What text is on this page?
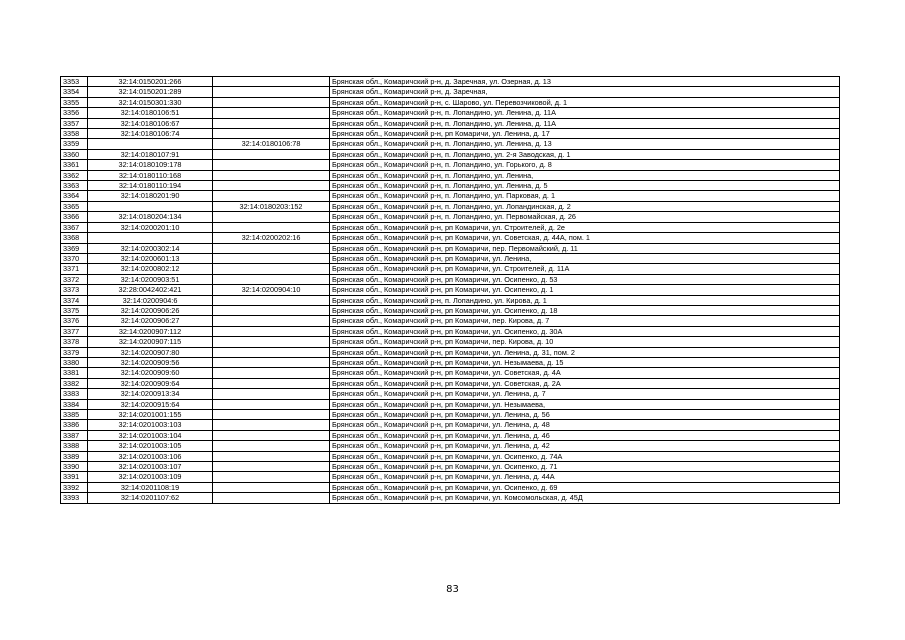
3353	32:14:0150201:266		Брянская обл., Комаричский р-н, д. Заречная, ул. Озерная, д. 13
3354	32:14:0150201:289		Брянская обл., Комаричский р-н, д. Заречная,
3355	32:14:0150301:330		Брянская обл., Комаричский р-н, с. Шарово, ул. Перевозчиковой, д. 1
3356	32:14:0180106:51		Брянская обл., Комаричский р-н, п. Лопандино, ул. Ленина, д. 11А
3357	32:14:0180106:67		Брянская обл., Комаричский р-н, п. Лопандино, ул. Ленина, д. 11А
3358	32:14:0180106:74		Брянская обл., Комаричский р-н, рп Комаричи, ул. Ленина, д. 17
3359		32:14:0180106:78	Брянская обл., Комаричский р-н, п. Лопандино, ул. Ленина, д. 13
3360	32:14:0180107:91		Брянская обл., Комаричский р-н, п. Лопандино, ул. 2-я Заводская, д. 1
3361	32:14:0180109:178		Брянская обл., Комаричский р-н, п. Лопандино, ул. Горького, д. 8
3362	32:14:0180110:168		Брянская обл., Комаричский р-н, п. Лопандино, ул. Ленина,
3363	32:14:0180110:194		Брянская обл., Комаричский р-н, п. Лопандино, ул. Ленина, д. 5
3364	32:14:0180201:90		Брянская обл., Комаричский р-н, п. Лопандино, ул. Парковая, д. 1
3365		32:14:0180203:152	Брянская обл., Комаричский р-н, п. Лопандино, ул. Лопандинская, д. 2
3366	32:14:0180204:134		Брянская обл., Комаричский р-н, п. Лопандино, ул. Первомайская, д. 26
3367	32:14:0200201:10		Брянская обл., Комаричский р-н, рп Комаричи, ул. Строителей, д. 2е
3368		32:14:0200202:16	Брянская обл., Комаричский р-н, рп Комаричи, ул. Советская, д. 44А, пом. 1
3369	32:14:0200302:14		Брянская обл., Комаричский р-н, рп Комаричи, пер. Первомайский, д. 11
3370	32:14:0200601:13		Брянская обл., Комаричский р-н, рп Комаричи, ул. Ленина,
3371	32:14:0200802:12		Брянская обл., Комаричский р-н, рп Комаричи, ул. Строителей, д. 11А
3372	32:14:0200903:51		Брянская обл., Комаричский р-н, рп Комаричи, ул. Осипенко, д. 53
3373	32:28:0042402:421	32:14:0200904:10	Брянская обл., Комаричский р-н, рп Комаричи, ул. Осипенко, д. 1
3374	32:14:0200904:6		Брянская обл., Комаричский р-н, п. Лопандино, ул. Кирова, д. 1
3375	32:14:0200906:26		Брянская обл., Комаричский р-н, рп Комаричи, ул. Осипенко, д. 18
3376	32:14:0200906:27		Брянская обл., Комаричский р-н, рп Комаричи, пер. Кирова, д. 7
3377	32:14:0200907:112		Брянская обл., Комаричский р-н, рп Комаричи, ул. Осипенко, д. 30А
3378	32:14:0200907:115		Брянская обл., Комаричский р-н, рп Комаричи, пер. Кирова, д. 10
3379	32:14:0200907:80		Брянская обл., Комаричский р-н, рп Комаричи, ул. Ленина, д. 31, пом. 2
3380	32:14:0200909:56		Брянская обл., Комаричский р-н, рп Комаричи, ул. Незымаева, д. 15
3381	32:14:0200909:60		Брянская обл., Комаричский р-н, рп Комаричи, ул. Советская, д. 4А
3382	32:14:0200909:64		Брянская обл., Комаричский р-н, рп Комаричи, ул. Советская, д. 2А
3383	32:14:0200913:34		Брянская обл., Комаричский р-н, рп Комаричи, ул. Ленина, д. 7
3384	32:14:0200915:64		Брянская обл., Комаричский р-н, рп Комаричи, ул. Незымаева,
3385	32:14:0201001:155		Брянская обл., Комаричский р-н, рп Комаричи, ул. Ленина, д. 56
3386	32:14:0201003:103		Брянская обл., Комаричский р-н, рп Комаричи, ул. Ленина, д. 48
3387	32:14:0201003:104		Брянская обл., Комаричский р-н, рп Комаричи, ул. Ленина, д. 46
3388	32:14:0201003:105		Брянская обл., Комаричский р-н, рп Комаричи, ул. Ленина, д. 42
3389	32:14:0201003:106		Брянская обл., Комаричский р-н, рп Комаричи, ул. Осипенко, д. 74А
3390	32:14:0201003:107		Брянская обл., Комаричский р-н, рп Комаричи, ул. Осипенко, д. 71
3391	32:14:0201003:109		Брянская обл., Комаричский р-н, рп Комаричи, ул. Ленина, д. 44А
3392	32:14:0201108:19		Брянская обл., Комаричский р-н, рп Комаричи, ул. Осипенко, д. 69
3393	32:14:0201107:62		Брянская обл., Комаричский р-н, рп Комаричи, ул. Комсомольская, д. 45Д
83
